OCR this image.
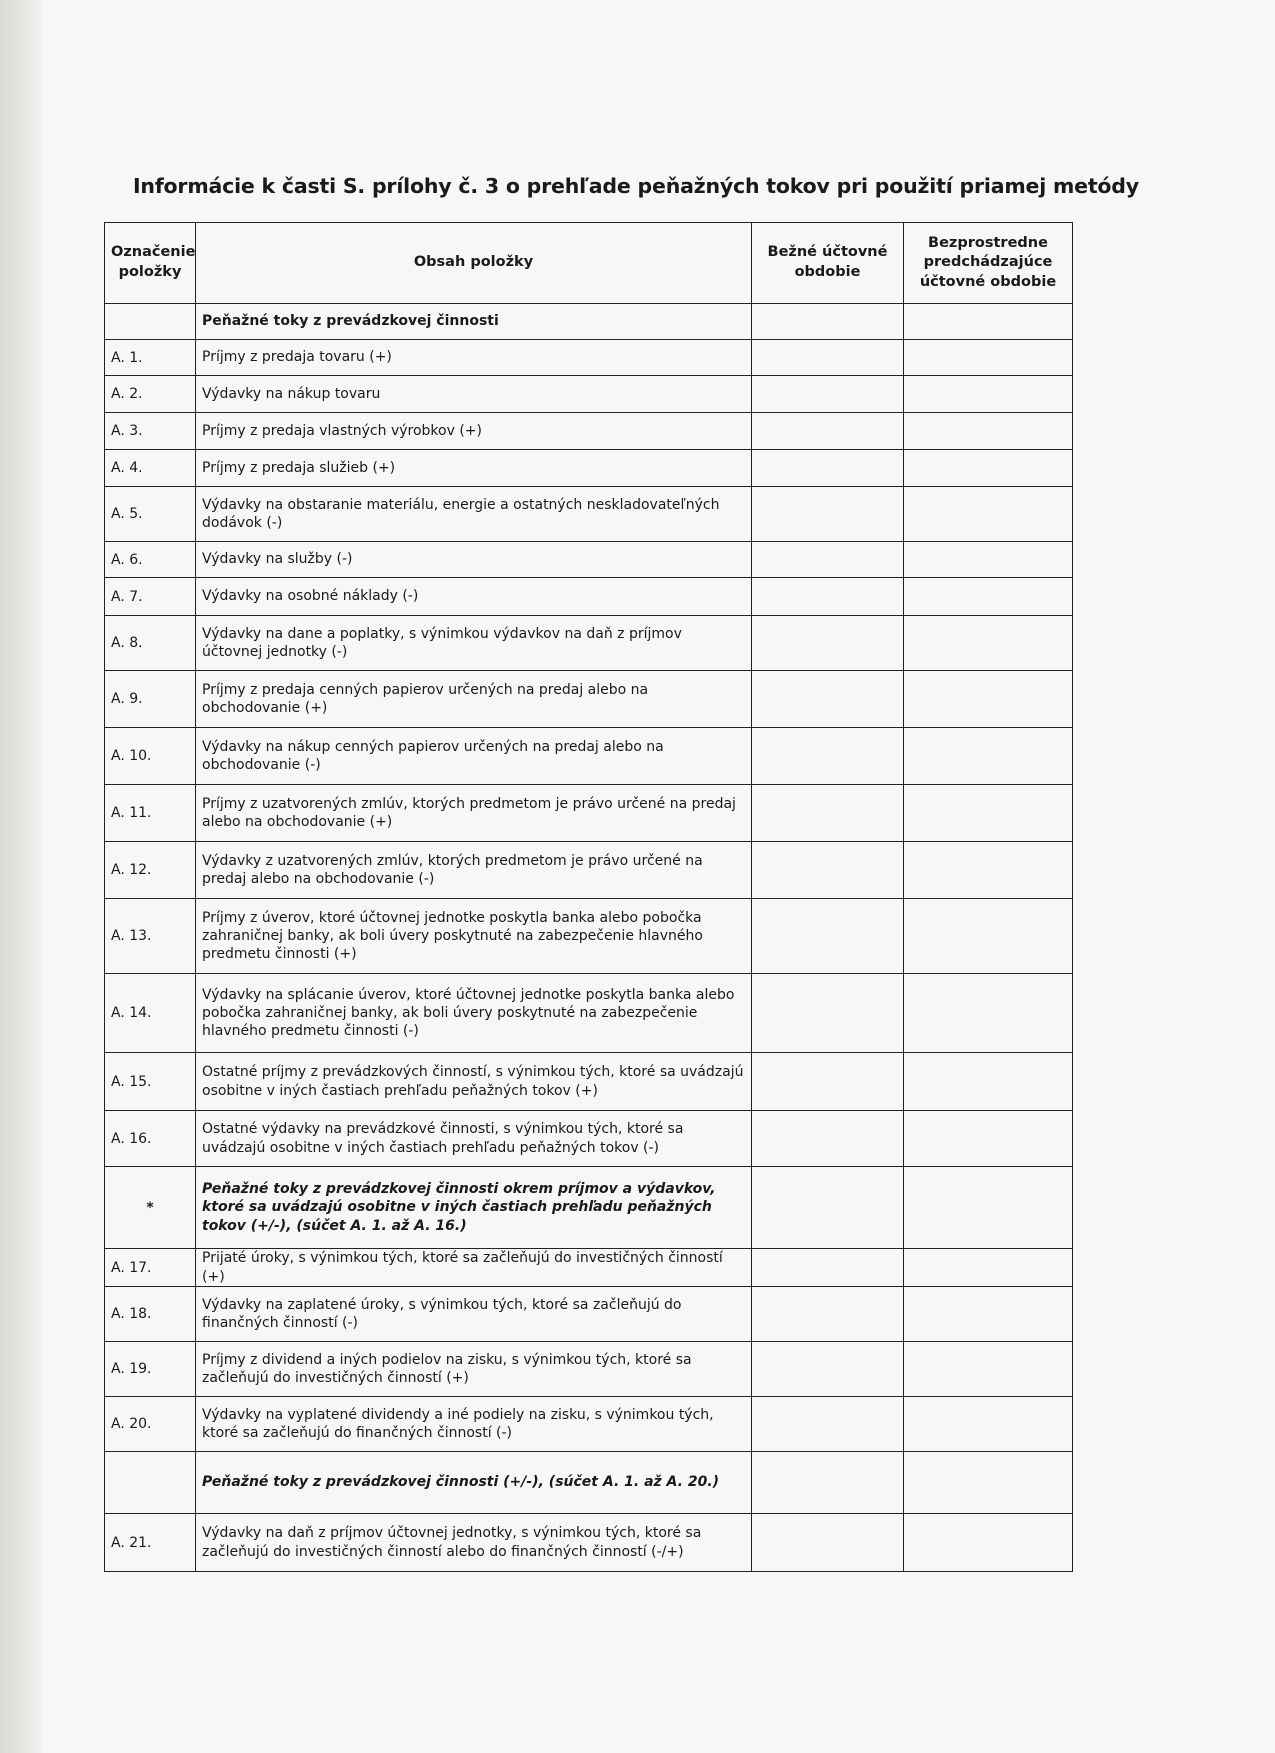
Informácie k časti S. prílohy č. 3 o prehľade peňažných tokov pri použití priamej metódy
Označenie položky	Obsah položky	Bežné účtovné obdobie	Bezprostredne predchádzajúce účtovné obdobie
	Peňažné toky z prevádzkovej činnosti		
A. 1.	Príjmy z predaja tovaru (+)		
A. 2.	Výdavky na nákup tovaru		
A. 3.	Príjmy z predaja vlastných výrobkov (+)		
A. 4.	Príjmy z predaja služieb (+)		
A. 5.	Výdavky na obstaranie materiálu, energie a ostatných neskladovateľných dodávok (-)		
A. 6.	Výdavky na služby (-)		
A. 7.	Výdavky na osobné náklady (-)		
A. 8.	Výdavky na dane a poplatky, s výnimkou výdavkov na daň z príjmov účtovnej jednotky (-)		
A. 9.	Príjmy z predaja cenných papierov určených na predaj alebo na obchodovanie (+)		
A. 10.	Výdavky na nákup cenných papierov určených na predaj alebo na obchodovanie (-)		
A. 11.	Príjmy z uzatvorených zmlúv, ktorých predmetom je právo určené na predaj alebo na obchodovanie (+)		
A. 12.	Výdavky z uzatvorených zmlúv, ktorých predmetom je právo určené na predaj alebo na obchodovanie (-)		
A. 13.	Príjmy z úverov, ktoré účtovnej jednotke poskytla banka alebo pobočka zahraničnej banky, ak boli úvery poskytnuté na zabezpečenie hlavného predmetu činnosti (+)		
A. 14.	Výdavky na splácanie úverov, ktoré účtovnej jednotke poskytla banka alebo pobočka zahraničnej banky, ak boli úvery poskytnuté na zabezpečenie hlavného predmetu činnosti (-)		
A. 15.	Ostatné príjmy z prevádzkových činností, s výnimkou tých, ktoré sa uvádzajú osobitne v iných častiach prehľadu peňažných tokov (+)		
A. 16.	Ostatné výdavky na prevádzkové činnosti, s výnimkou tých, ktoré sa uvádzajú osobitne v iných častiach prehľadu peňažných tokov (-)		
*	Peňažné toky z prevádzkovej činnosti okrem príjmov a výdavkov, ktoré sa uvádzajú osobitne v iných častiach prehľadu peňažných tokov (+/-), (súčet A. 1. až A. 16.)		
A. 17.	Prijaté úroky, s výnimkou tých, ktoré sa začleňujú do investičných činností (+)		
A. 18.	Výdavky na zaplatené úroky, s výnimkou tých, ktoré sa začleňujú do finančných činností (-)		
A. 19.	Príjmy z dividend a iných podielov na zisku, s výnimkou tých, ktoré sa začleňujú do investičných činností (+)		
A. 20.	Výdavky na vyplatené dividendy a iné podiely na zisku, s výnimkou tých, ktoré sa začleňujú do finančných činností (-)		
	Peňažné toky z prevádzkovej činnosti (+/-), (súčet A. 1. až A. 20.)		
A. 21.	Výdavky na daň z príjmov účtovnej jednotky, s výnimkou tých, ktoré sa začleňujú do investičných činností alebo do finančných činností (-/+)		
